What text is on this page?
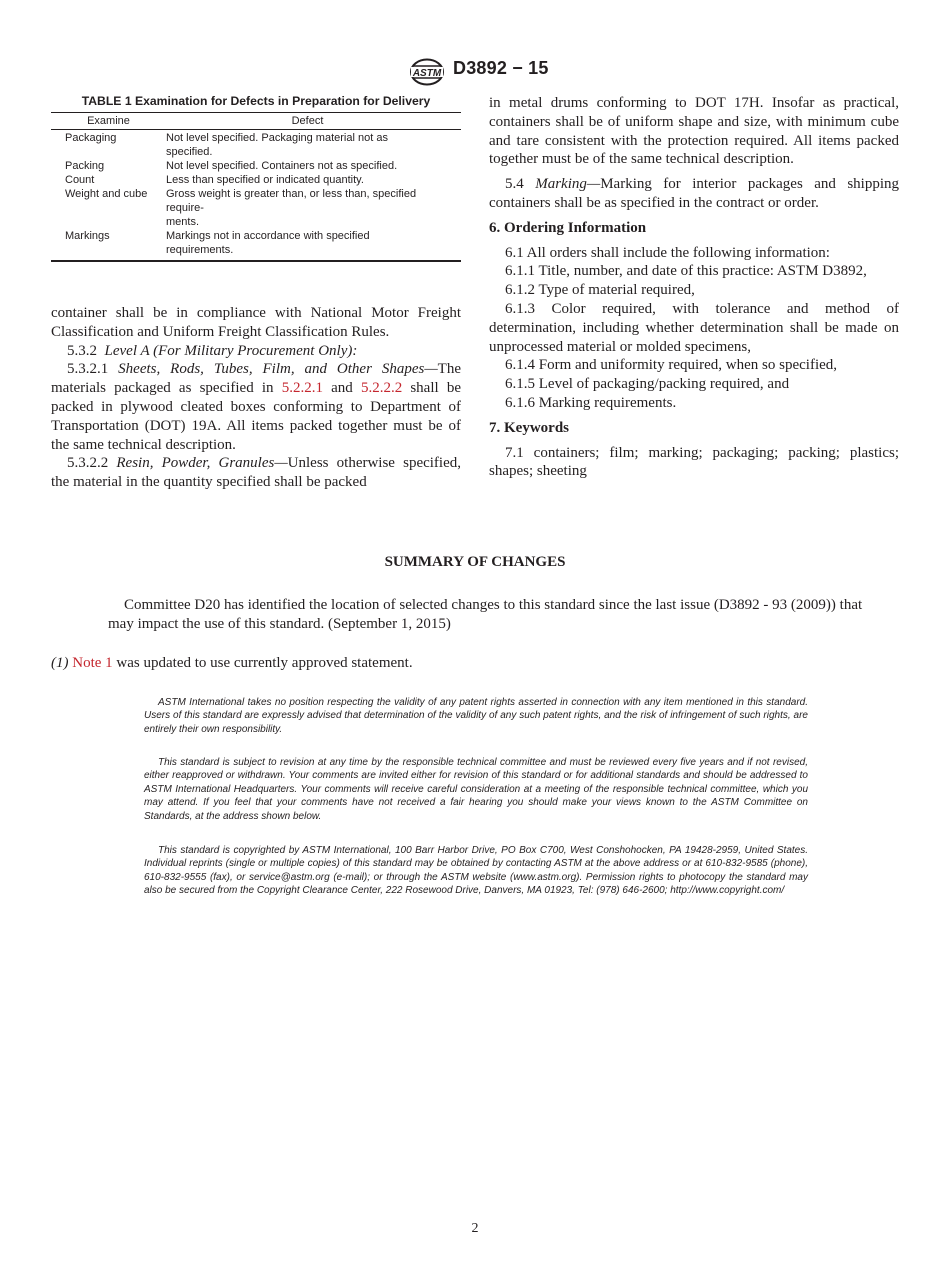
ASTM D3892 − 15
TABLE 1 Examination for Defects in Preparation for Delivery
Examine	Defect
Packaging	Not level specified. Packaging material not as
specified.
Packing	Not level specified. Containers not as specified.
Count	Less than specified or indicated quantity.
Weight and cube	Gross weight is greater than, or less than, specified
require-
ments.
Markings	Markings not in accordance with specified
requirements.

container shall be in compliance with National Motor Freight Classification and Uniform Freight Classification Rules.

5.3.2 Level A (For Military Procurement Only):

5.3.2.1 Sheets, Rods, Tubes, Film, and Other Shapes—The materials packaged as specified in 5.2.2.1 and 5.2.2.2 shall be packed in plywood cleated boxes conforming to Department of Transportation (DOT) 19A. All items packed together must be of the same technical description.

5.3.2.2 Resin, Powder, Granules—Unless otherwise specified, the material in the quantity specified shall be packed

in metal drums conforming to DOT 17H. Insofar as practical, containers shall be of uniform shape and size, with minimum cube and tare consistent with the protection required. All items packed together must be of the same technical description.

5.4 Marking—Marking for interior packages and shipping containers shall be as specified in the contract or order.

6. Ordering Information

6.1 All orders shall include the following information:

6.1.1 Title, number, and date of this practice: ASTM D3892,

6.1.2 Type of material required,

6.1.3 Color required, with tolerance and method of determination, including whether determination shall be made on unprocessed material or molded specimens,

6.1.4 Form and uniformity required, when so specified,

6.1.5 Level of packaging/packing required, and

6.1.6 Marking requirements.

7. Keywords

7.1 containers; film; marking; packaging; packing; plastics; shapes; sheeting

SUMMARY OF CHANGES

Committee D20 has identified the location of selected changes to this standard since the last issue (D3892 - 93 (2009)) that may impact the use of this standard. (September 1, 2015)

(1) Note 1 was updated to use currently approved statement.
ASTM International takes no position respecting the validity of any patent rights asserted in connection with any item mentioned in this standard. Users of this standard are expressly advised that determination of the validity of any such patent rights, and the risk of infringement of such rights, are entirely their own responsibility.
This standard is subject to revision at any time by the responsible technical committee and must be reviewed every five years and if not revised, either reapproved or withdrawn. Your comments are invited either for revision of this standard or for additional standards and should be addressed to ASTM International Headquarters. Your comments will receive careful consideration at a meeting of the responsible technical committee, which you may attend. If you feel that your comments have not received a fair hearing you should make your views known to the ASTM Committee on Standards, at the address shown below.
This standard is copyrighted by ASTM International, 100 Barr Harbor Drive, PO Box C700, West Conshohocken, PA 19428-2959, United States. Individual reprints (single or multiple copies) of this standard may be obtained by contacting ASTM at the above address or at 610-832-9585 (phone), 610-832-9555 (fax), or service@astm.org (e-mail); or through the ASTM website (www.astm.org). Permission rights to photocopy the standard may also be secured from the Copyright Clearance Center, 222 Rosewood Drive, Danvers, MA 01923, Tel: (978) 646-2600; http://www.copyright.com/
2
